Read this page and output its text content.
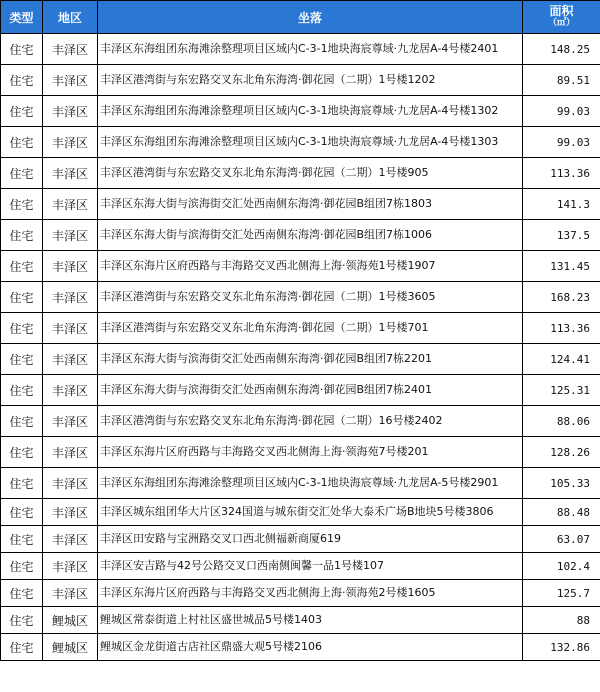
类型	地区	坐落	面积
（㎡）

住宅	丰泽区	丰泽区东海组团东海滩涂整理项目区域内C-3-1地块海宸尊域·九龙居A-4号楼2401	148.25
住宅	丰泽区	丰泽区港湾街与东宏路交叉东北角东海湾·御花园（二期）1号楼1202	89.51
住宅	丰泽区	丰泽区东海组团东海滩涂整理项目区域内C-3-1地块海宸尊域·九龙居A-4号楼1302	99.03
住宅	丰泽区	丰泽区东海组团东海滩涂整理项目区域内C-3-1地块海宸尊域·九龙居A-4号楼1303	99.03
住宅	丰泽区	丰泽区港湾街与东宏路交叉东北角东海湾·御花园（二期）1号楼905	113.36
住宅	丰泽区	丰泽区东海大街与滨海街交汇处西南侧东海湾·御花园B组团7栋1803	141.3
住宅	丰泽区	丰泽区东海大街与滨海街交汇处西南侧东海湾·御花园B组团7栋1006	137.5
住宅	丰泽区	丰泽区东海片区府西路与丰海路交叉西北侧海上海·领海苑1号楼1907	131.45
住宅	丰泽区	丰泽区港湾街与东宏路交叉东北角东海湾·御花园（二期）1号楼3605	168.23
住宅	丰泽区	丰泽区港湾街与东宏路交叉东北角东海湾·御花园（二期）1号楼701	113.36
住宅	丰泽区	丰泽区东海大街与滨海街交汇处西南侧东海湾·御花园B组团7栋2201	124.41
住宅	丰泽区	丰泽区东海大街与滨海街交汇处西南侧东海湾·御花园B组团7栋2401	125.31
住宅	丰泽区	丰泽区港湾街与东宏路交叉东北角东海湾·御花园（二期）16号楼2402	88.06
住宅	丰泽区	丰泽区东海片区府西路与丰海路交叉西北侧海上海·领海苑7号楼201	128.26
住宅	丰泽区	丰泽区东海组团东海滩涂整理项目区域内C-3-1地块海宸尊域·九龙居A-5号楼2901	105.33
住宅	丰泽区	丰泽区城东组团华大片区324国道与城东街交汇处华大泰禾广场B地块5号楼3806	88.48
住宅	丰泽区	丰泽区田安路与宝洲路交叉口西北侧福新商厦619	63.07
住宅	丰泽区	丰泽区安吉路与42号公路交叉口西南侧闽馨一品1号楼107	102.4
住宅	丰泽区	丰泽区东海片区府西路与丰海路交叉西北侧海上海·领海苑2号楼1605	125.7
住宅	鲤城区	鲤城区常泰街道上村社区盛世城品5号楼1403	88
住宅	鲤城区	鲤城区金龙街道古店社区鼎盛大观5号楼2106	132.86
